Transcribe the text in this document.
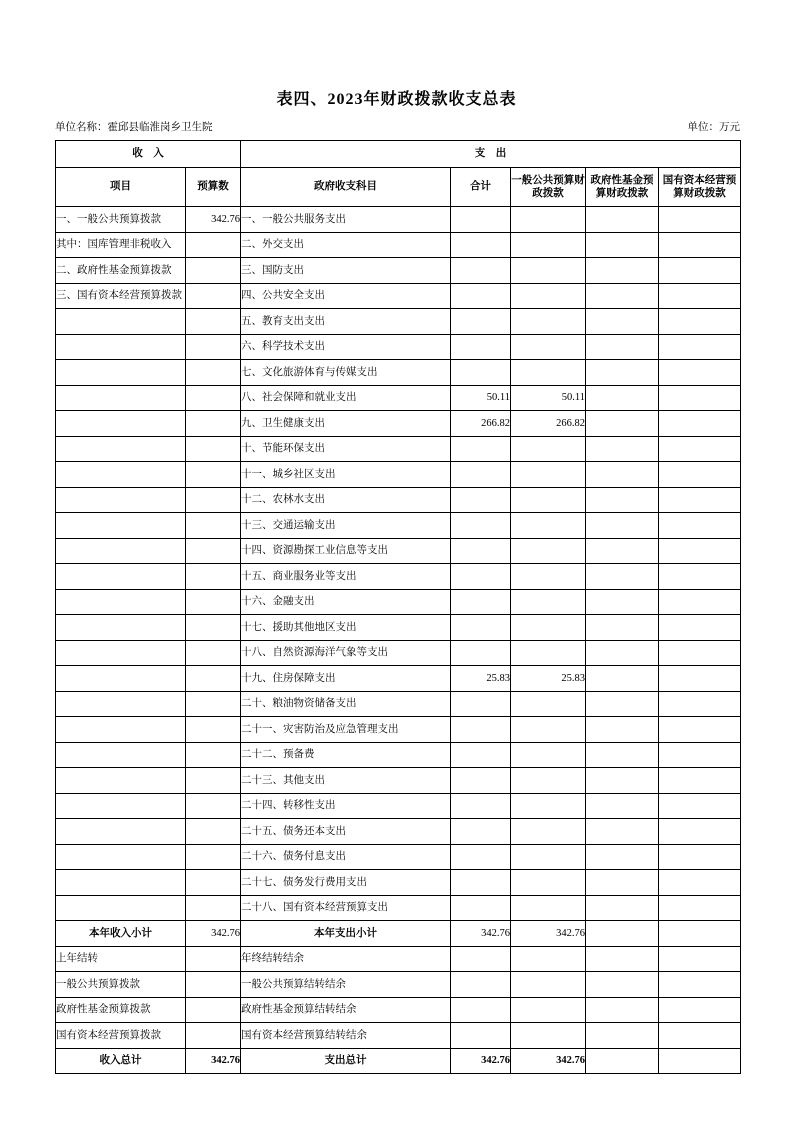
表四、2023年财政拨款收支总表
单位名称：霍邱县临淮岗乡卫生院	单位：万元
收　入		支　出				
项目	预算数	政府收支科目	合计	一般公共预算财政拨款	政府性基金预算财政拨款	国有资本经营预算财政拨款
一、一般公共预算拨款	342.76	一、一般公共服务支出				
其中：国库管理非税收入		二、外交支出				
二、政府性基金预算拨款		三、国防支出				
三、国有资本经营预算拨款		四、公共安全支出				
		五、教育支出支出				
		六、科学技术支出				
		七、文化旅游体育与传媒支出				
		八、社会保障和就业支出	50.11	50.11		
		九、卫生健康支出	266.82	266.82		
		十、节能环保支出				
		十一、城乡社区支出				
		十二、农林水支出				
		十三、交通运输支出				
		十四、资源勘探工业信息等支出				
		十五、商业服务业等支出				
		十六、金融支出				
		十七、援助其他地区支出				
		十八、自然资源海洋气象等支出				
		十九、住房保障支出	25.83	25.83		
		二十、粮油物资储备支出				
		二十一、灾害防治及应急管理支出				
		二十二、预备费				
		二十三、其他支出				
		二十四、转移性支出				
		二十五、债务还本支出				
		二十六、债务付息支出				
		二十七、债务发行费用支出				
		二十八、国有资本经营预算支出				
本年收入小计	342.76	本年支出小计	342.76	342.76		
上年结转		年终结转结余				
一般公共预算拨款		一般公共预算结转结余				
政府性基金预算拨款		政府性基金预算结转结余				
国有资本经营预算拨款		国有资本经营预算结转结余				
收入总计	342.76	支出总计	342.76	342.76		
